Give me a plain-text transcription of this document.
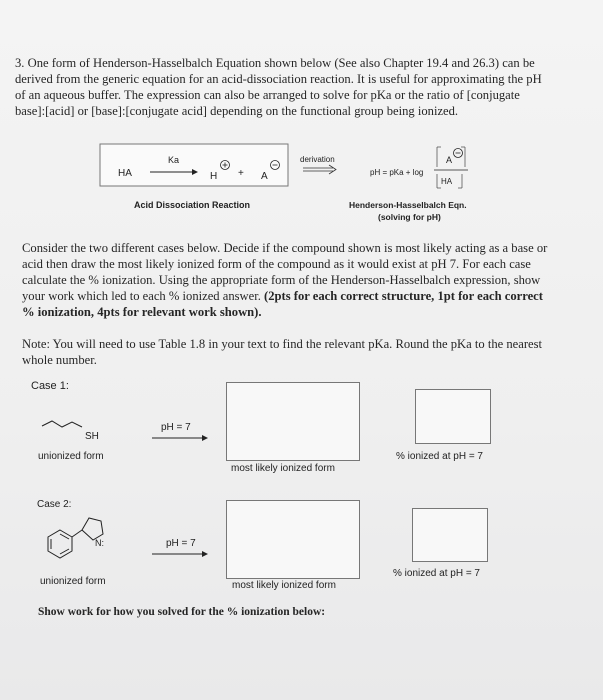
3. One form of Henderson-Hasselbalch Equation shown below (See also Chapter 19.4 and 26.3) can be
derived from the generic equation for an acid-dissociation reaction. It is useful for approximating the pH
of an aqueous buffer. The expression can also be arranged to solve for pKa or the ratio of [conjugate
base]:[acid] or [base]:[conjugate acid] depending on the functional group being ionized.
HA
Ka
H + A
derivation
pH = pKa + log
A
HA
Acid Dissociation Reaction	Henderson-Hasselbalch Eqn.
(solving for pH)
Consider the two different cases below. Decide if the compound shown is most likely acting as a base or
acid then draw the most likely ionized form of the compound as it would exist at pH 7. For each case
calculate the % ionization. Using the appropriate form of the Henderson-Hasselbalch expression, show
your work which led to each % ionized answer. (2pts for each correct structure, 1pt for each correct
% ionization, 4pts for relevant work shown).
Note: You will need to use Table 1.8 in your text to find the relevant pKa. Round the pKa to the nearest
whole number.
Case 1:
SH
pH = 7
unionized form
most likely ionized form
% ionized at pH = 7
Case 2:
N:	pH = 7
unionized form	most likely ionized form
% ionized at pH = 7
Show work for how you solved for the % ionization below:
